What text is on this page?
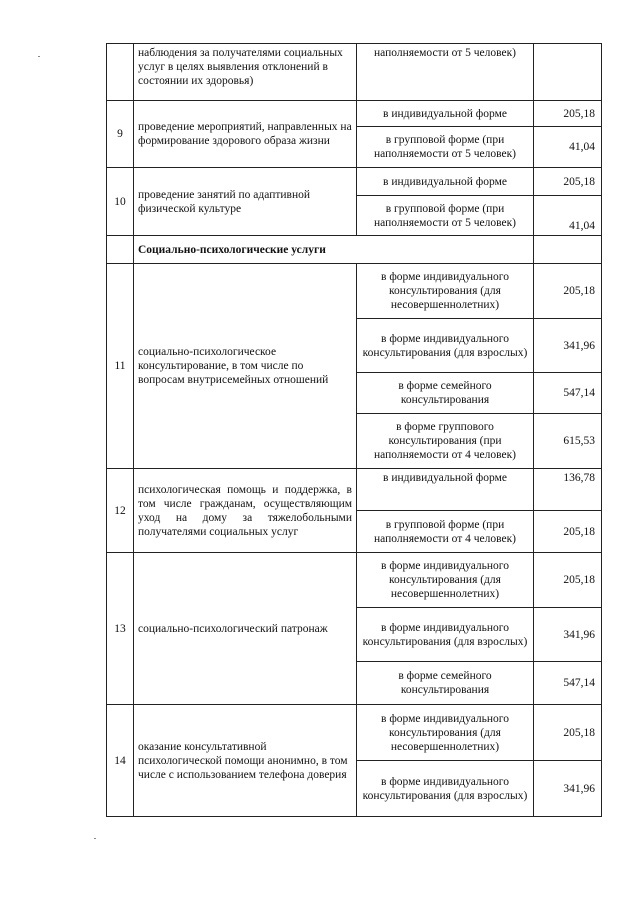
	наблюдения за получателями социальных услуг в целях выявления отклонений в состоянии их здоровья)	наполняемости от 5 человек)	
9	проведение мероприятий, направленных на формирование здорового образа жизни	в индивидуальной форме	205,18
		в групповой форме (при наполняемости от 5 человек)	41,04
10	проведение занятий по адаптивной физической культуре	в индивидуальной форме	205,18
		в групповой форме (при наполняемости от 5 человек)	41,04
	Социально-психологические услуги		
11	социально-психологическое консультирование, в том числе по вопросам внутрисемейных отношений	в форме индивидуального консультирования (для несовершеннолетних)	205,18
		в форме индивидуального консультирования (для взрослых)	341,96
		в форме семейного консультирования	547,14
		в форме группового консультирования (при наполняемости от 4 человек)	615,53
12	психологическая помощь и поддержка, в том числе гражданам, осуществляющим уход на дому за тяжелобольными получателями социальных услуг	в индивидуальной форме	136,78
		в групповой форме (при наполняемости от 4 человек)	205,18
13	социально-психологический патронаж	в форме индивидуального консультирования (для несовершеннолетних)	205,18
		в форме индивидуального консультирования (для взрослых)	341,96
		в форме семейного консультирования	547,14
14	оказание консультативной психологической помощи анонимно, в том числе с использованием телефона доверия	в форме индивидуального консультирования (для несовершеннолетних)	205,18
		в форме индивидуального консультирования (для взрослых)	341,96
